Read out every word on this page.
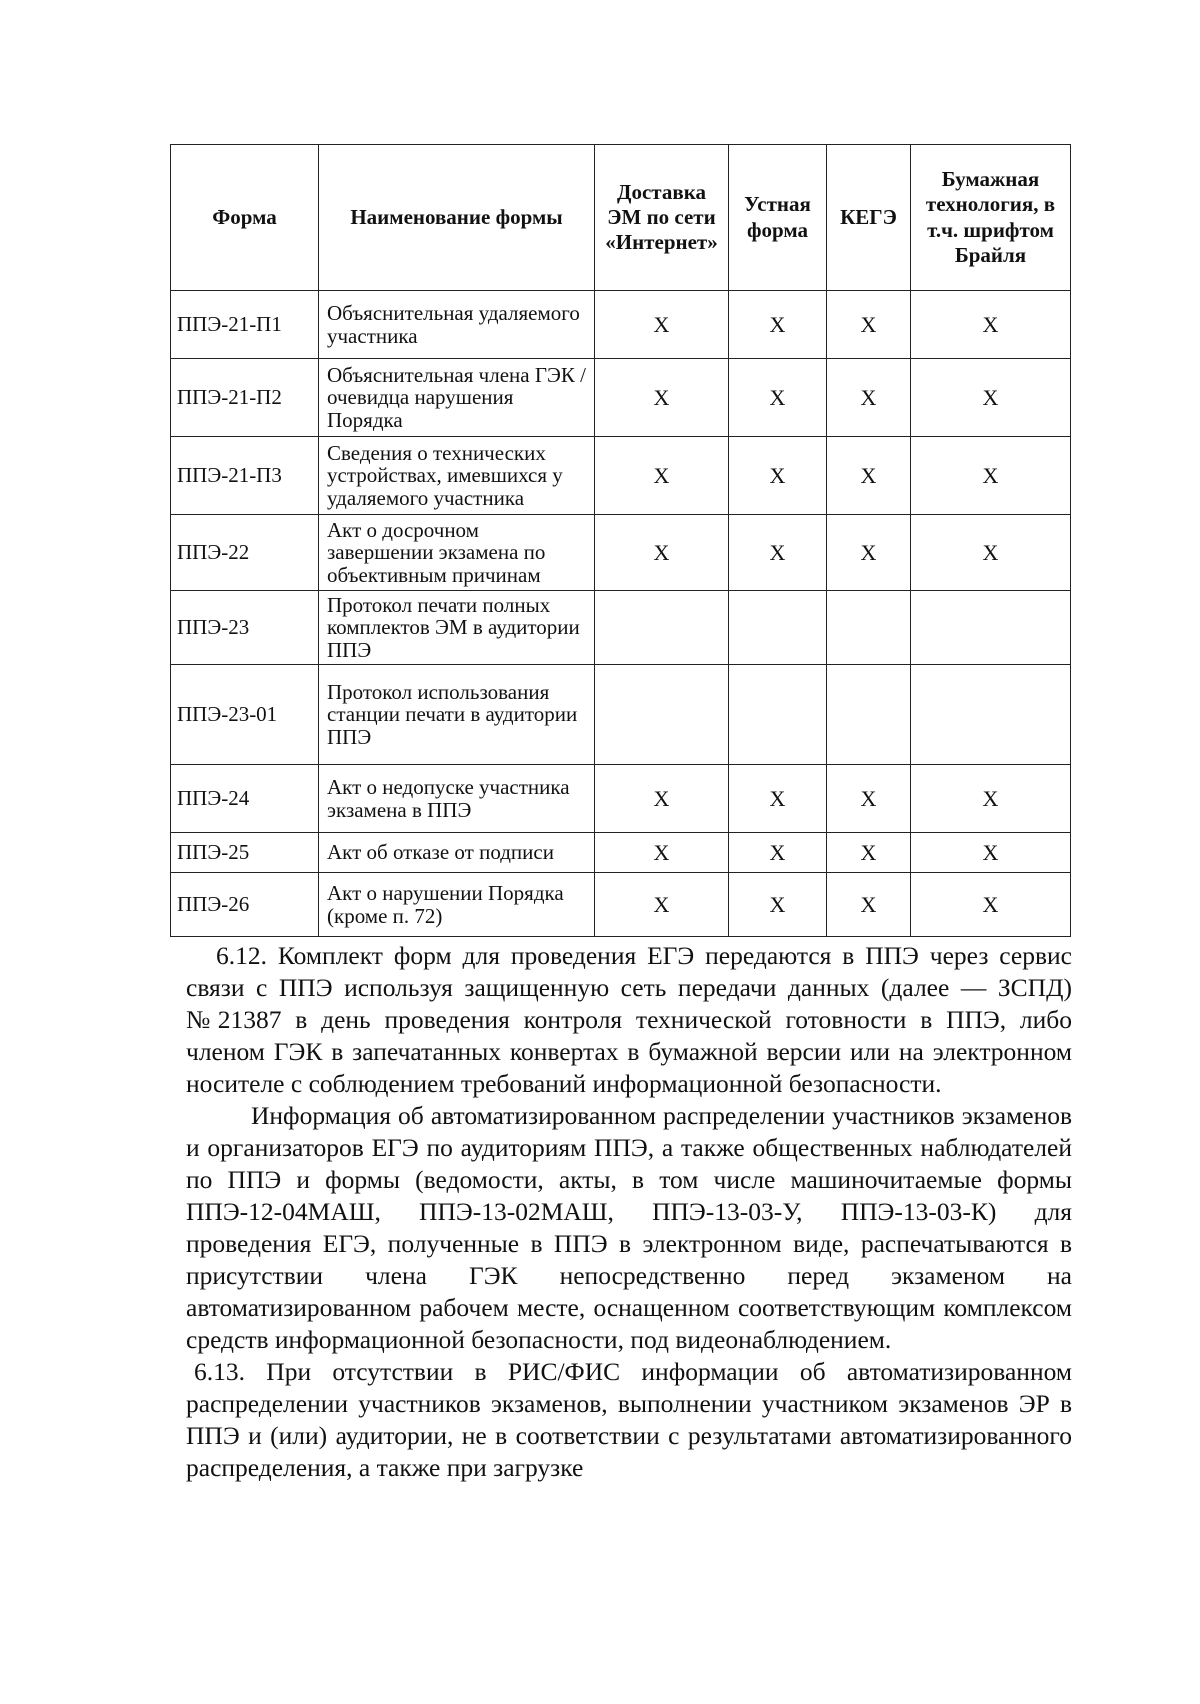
Форма	Наименование формы	Доставка ЭМ по сети «Интернет»	Устная форма	КЕГЭ	Бумажная технология, в т.ч. шрифтом Брайля
ППЭ-21-П1	Объяснительная удаляемого участника	Х	Х	Х	Х
ППЭ-21-П2	Объяснительная члена ГЭК / очевидца нарушения Порядка	Х	Х	Х	Х
ППЭ-21-П3	Сведения о технических устройствах, имевшихся у удаляемого участника	Х	Х	Х	Х
ППЭ-22	Акт о досрочном завершении экзамена по объективным причинам	Х	Х	Х	Х
ППЭ-23	Протокол печати полных комплектов ЭМ в аудитории ППЭ				
ППЭ-23-01	Протокол использования станции печати в аудитории ППЭ				
ППЭ-24	Акт о недопуске участника экзамена в ППЭ	Х	Х	Х	Х
ППЭ-25	Акт об отказе от подписи	Х	Х	Х	Х
ППЭ-26	Акт о нарушении Порядка (кроме п. 72)	Х	Х	Х	Х

6.12. Комплект форм для проведения ЕГЭ передаются в ППЭ через сервис связи с ППЭ используя защищенную сеть передачи данных (далее — ЗСПД) №21387 в день проведения контроля технической готовности в ППЭ, либо членом ГЭК в запечатанных конвертах в бумажной версии или на электронном носителе с соблюдением требований информационной безопасности.

Информация об автоматизированном распределении участников экзаменов и организаторов ЕГЭ по аудиториям ППЭ, а также общественных наблюдателей по ППЭ и формы (ведомости, акты, в том числе машиночитаемые формы ППЭ-12-04МАШ, ППЭ-13-02МАШ, ППЭ-13-03-У, ППЭ-13-03-К) для проведения ЕГЭ, полученные в ППЭ в электронном виде, распечатываются в присутствии члена ГЭК непосредственно перед экзаменом на автоматизированном рабочем месте, оснащенном соответствующим комплексом средств информационной безопасности, под видеонаблюдением.

6.13. При отсутствии в РИС/ФИС информации об автоматизированном распределении участников экзаменов, выполнении участником экзаменов ЭР в ППЭ и (или) аудитории, не в соответствии с результатами автоматизированного распределения, а также при загрузке
